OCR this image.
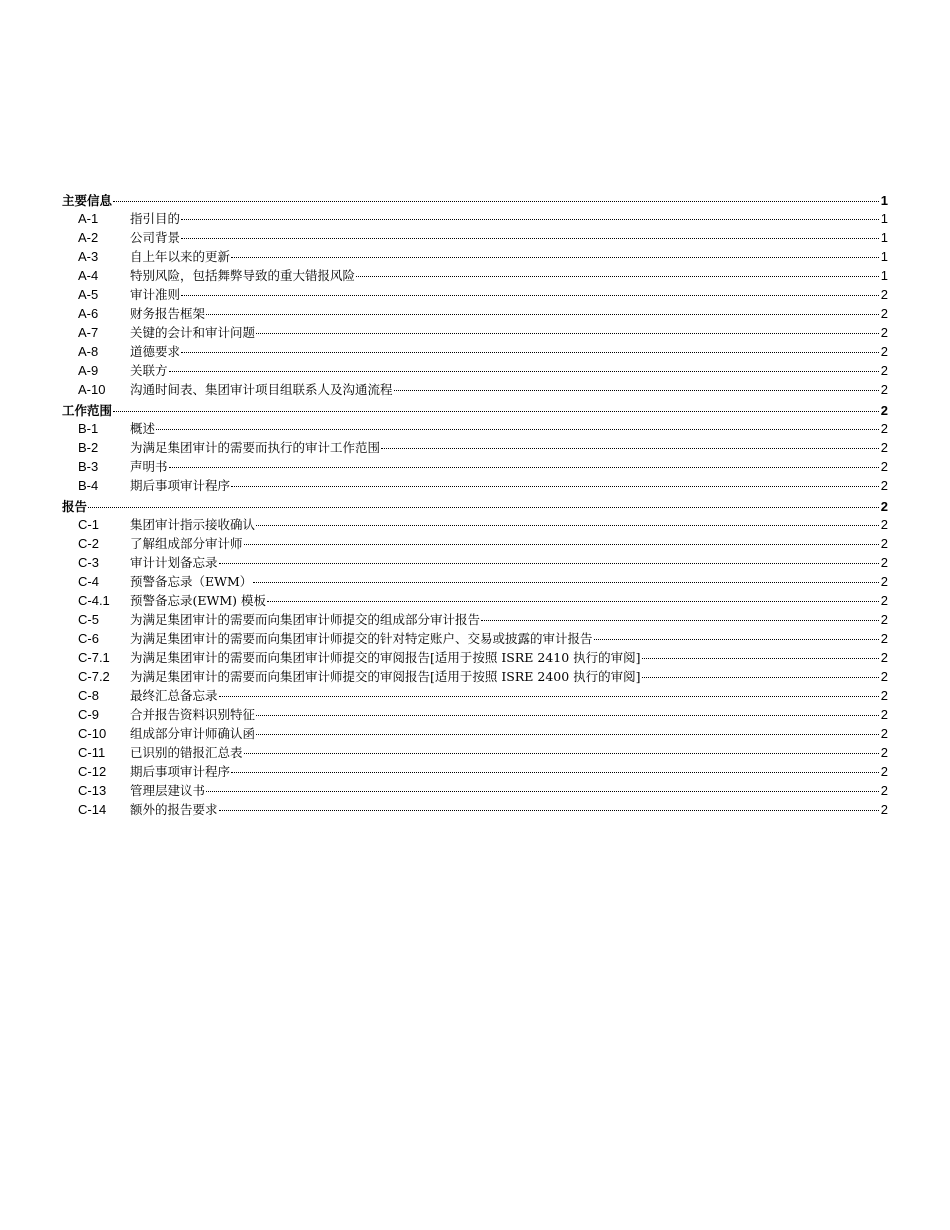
主要信息	1
A-1	指引目的	1
A-2	公司背景	1
A-3	自上年以来的更新	1
A-4	特别风险，包括舞弊导致的重大错报风险	1
A-5	审计准则	2
A-6	财务报告框架	2
A-7	关键的会计和审计问题	2
A-8	道德要求	2
A-9	关联方	2
A-10	沟通时间表、集团审计项目组联系人及沟通流程	2
工作范围	2
B-1	概述	2
B-2	为满足集团审计的需要而执行的审计工作范围	2
B-3	声明书	2
B-4	期后事项审计程序	2
报告	2
C-1	集团审计指示接收确认	2
C-2	了解组成部分审计师	2
C-3	审计计划备忘录	2
C-4	预警备忘录（EWM）	2
C-4.1	预警备忘录(EWM) 模板	2
C-5	为满足集团审计的需要而向集团审计师提交的组成部分审计报告	2
C-6	为满足集团审计的需要而向集团审计师提交的针对特定账户、交易或披露的审计报告	2
C-7.1	为满足集团审计的需要而向集团审计师提交的审阅报告[适用于按照 ISRE 2410 执行的审阅]	2
C-7.2	为满足集团审计的需要而向集团审计师提交的审阅报告[适用于按照 ISRE 2400 执行的审阅]	2
C-8	最终汇总备忘录	2
C-9	合并报告资料识别特征	2
C-10	组成部分审计师确认函	2
C-11	已识别的错报汇总表	2
C-12	期后事项审计程序	2
C-13	管理层建议书	2
C-14	额外的报告要求	2
